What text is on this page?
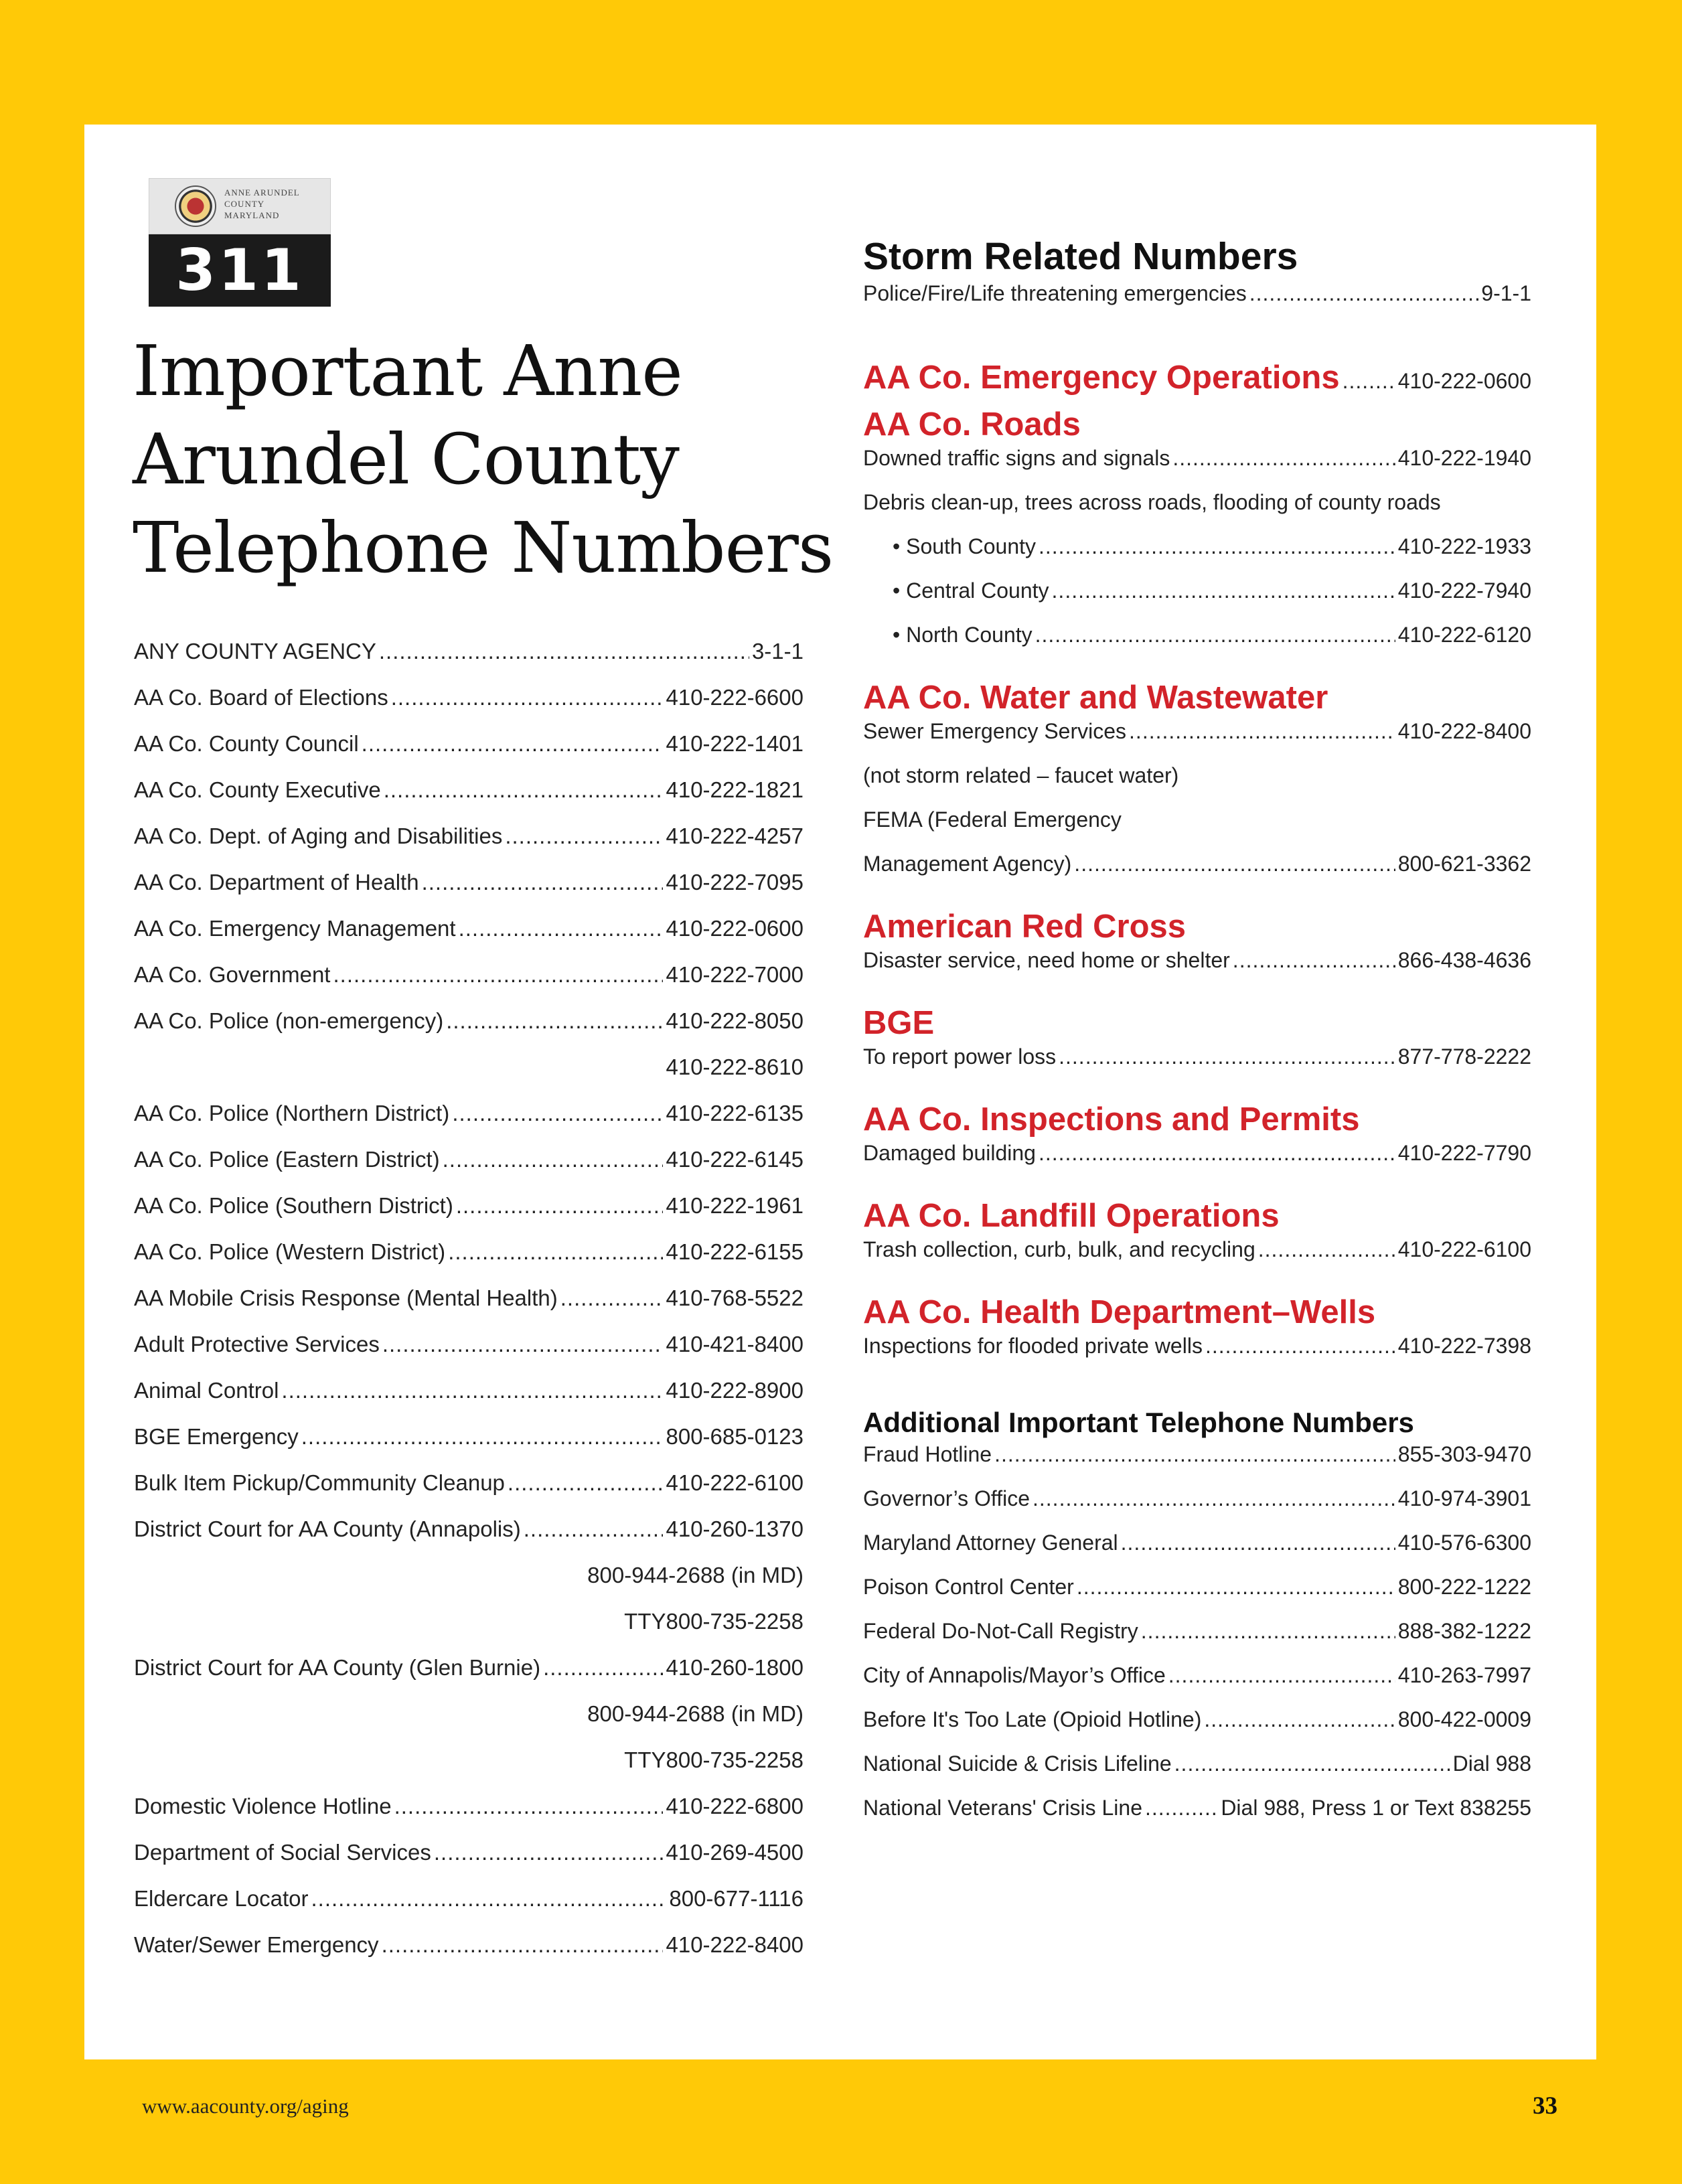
ANNE ARUNDEL
COUNTY
MARYLAND
311
Important Anne Arundel County Telephone Numbers
ANY COUNTY AGENCY .....	3-1-1
AA Co. Board of Elections .....	410-222-6600
AA Co. County Council .....	410-222-1401
AA Co. County Executive .....	410-222-1821
AA Co. Dept. of Aging and Disabilities .....	410-222-4257
AA Co. Department of Health .....	410-222-7095
AA Co. Emergency Management .....	410-222-0600
AA Co. Government .....	410-222-7000
AA Co. Police (non-emergency) .....	410-222-8050
410-222-8610
AA Co. Police (Northern District) .....	410-222-6135
AA Co. Police (Eastern District) .....	410-222-6145
AA Co. Police (Southern District) .....	410-222-1961
AA Co. Police (Western District) .....	410-222-6155
AA Mobile Crisis Response (Mental Health) .....	410-768-5522
Adult Protective Services .....	410-421-8400
Animal Control .....	410-222-8900
BGE Emergency .....	800-685-0123
Bulk Item Pickup/Community Cleanup .....	410-222-6100
District Court for AA County (Annapolis) .....	410-260-1370
800-944-2688 (in MD)
TTY800-735-2258
District Court for AA County (Glen Burnie) .....	410-260-1800
800-944-2688 (in MD)
TTY800-735-2258
Domestic Violence Hotline .....	410-222-6800
Department of Social Services .....	410-269-4500
Eldercare Locator .....	800-677-1116
Water/Sewer Emergency .....	410-222-8400
Storm Related Numbers
Police/Fire/Life threatening emergencies .....	9-1-1
AA Co. Emergency Operations .....	410-222-0600
AA Co. Roads
Downed traffic signs and signals .....	410-222-1940
Debris clean-up, trees across roads, flooding of county roads
• South County .....	410-222-1933
• Central County .....	410-222-7940
• North County .....	410-222-6120
AA Co. Water and Wastewater
Sewer Emergency Services .....	410-222-8400
(not storm related – faucet water)
FEMA (Federal Emergency
Management Agency) .....	800-621-3362
American Red Cross
Disaster service, need home or shelter .....	866-438-4636
BGE
To report power loss .....	877-778-2222
AA Co. Inspections and Permits
Damaged building .....	410-222-7790
AA Co. Landfill Operations
Trash collection, curb, bulk, and recycling .....	410-222-6100
AA Co. Health Department–Wells
Inspections for flooded private wells .....	410-222-7398
Additional Important Telephone Numbers
Fraud Hotline .....	855-303-9470
Governor’s Office .....	410-974-3901
Maryland Attorney General .....	410-576-6300
Poison Control Center .....	800-222-1222
Federal Do-Not-Call Registry .....	888-382-1222
City of Annapolis/Mayor’s Office .....	410-263-7997
Before It's Too Late (Opioid Hotline) .....	800-422-0009
National Suicide & Crisis Lifeline .....	Dial 988
National Veterans' Crisis Line .....	Dial 988, Press 1 or Text 838255
www.aacounty.org/aging	33
